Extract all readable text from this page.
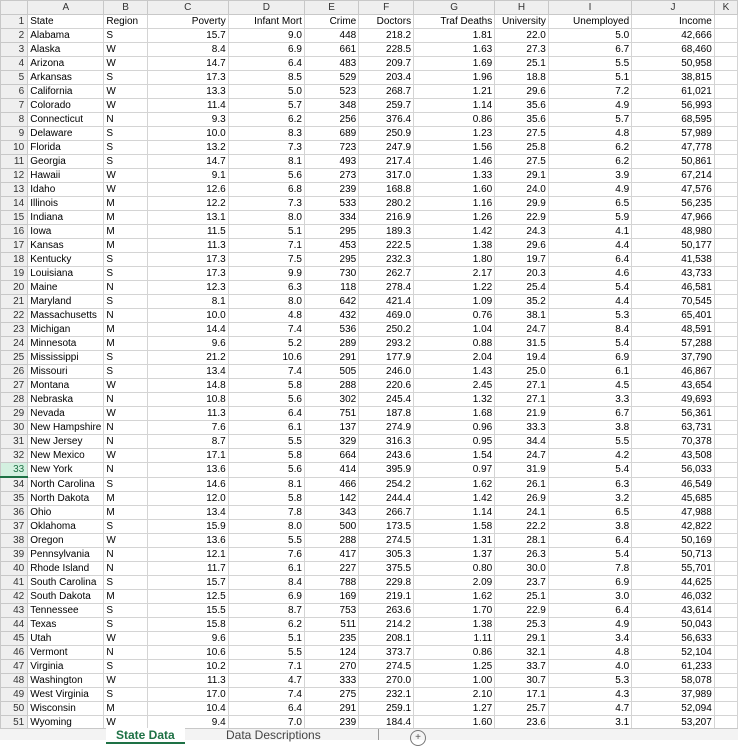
	A	B	C	D	E	F	G	H	I	J	K
1	State	Region	Poverty	Infant Mort	Crime	Doctors	Traf Deaths	University	Unemployed	Income	
2	Alabama	S	15.7	9.0	448	218.2	1.81	22.0	5.0	42,666	
3	Alaska	W	8.4	6.9	661	228.5	1.63	27.3	6.7	68,460	
4	Arizona	W	14.7	6.4	483	209.7	1.69	25.1	5.5	50,958	
5	Arkansas	S	17.3	8.5	529	203.4	1.96	18.8	5.1	38,815	
6	California	W	13.3	5.0	523	268.7	1.21	29.6	7.2	61,021	
7	Colorado	W	11.4	5.7	348	259.7	1.14	35.6	4.9	56,993	
8	Connecticut	N	9.3	6.2	256	376.4	0.86	35.6	5.7	68,595	
9	Delaware	S	10.0	8.3	689	250.9	1.23	27.5	4.8	57,989	
10	Florida	S	13.2	7.3	723	247.9	1.56	25.8	6.2	47,778	
11	Georgia	S	14.7	8.1	493	217.4	1.46	27.5	6.2	50,861	
12	Hawaii	W	9.1	5.6	273	317.0	1.33	29.1	3.9	67,214	
13	Idaho	W	12.6	6.8	239	168.8	1.60	24.0	4.9	47,576	
14	Illinois	M	12.2	7.3	533	280.2	1.16	29.9	6.5	56,235	
15	Indiana	M	13.1	8.0	334	216.9	1.26	22.9	5.9	47,966	
16	Iowa	M	11.5	5.1	295	189.3	1.42	24.3	4.1	48,980	
17	Kansas	M	11.3	7.1	453	222.5	1.38	29.6	4.4	50,177	
18	Kentucky	S	17.3	7.5	295	232.3	1.80	19.7	6.4	41,538	
19	Louisiana	S	17.3	9.9	730	262.7	2.17	20.3	4.6	43,733	
20	Maine	N	12.3	6.3	118	278.4	1.22	25.4	5.4	46,581	
21	Maryland	S	8.1	8.0	642	421.4	1.09	35.2	4.4	70,545	
22	Massachusetts	N	10.0	4.8	432	469.0	0.76	38.1	5.3	65,401	
23	Michigan	M	14.4	7.4	536	250.2	1.04	24.7	8.4	48,591	
24	Minnesota	M	9.6	5.2	289	293.2	0.88	31.5	5.4	57,288	
25	Mississippi	S	21.2	10.6	291	177.9	2.04	19.4	6.9	37,790	
26	Missouri	S	13.4	7.4	505	246.0	1.43	25.0	6.1	46,867	
27	Montana	W	14.8	5.8	288	220.6	2.45	27.1	4.5	43,654	
28	Nebraska	N	10.8	5.6	302	245.4	1.32	27.1	3.3	49,693	
29	Nevada	W	11.3	6.4	751	187.8	1.68	21.9	6.7	56,361	
30	New Hampshire	N	7.6	6.1	137	274.9	0.96	33.3	3.8	63,731	
31	New Jersey	N	8.7	5.5	329	316.3	0.95	34.4	5.5	70,378	
32	New Mexico	W	17.1	5.8	664	243.6	1.54	24.7	4.2	43,508	
33	New York	N	13.6	5.6	414	395.9	0.97	31.9	5.4	56,033	
34	North Carolina	S	14.6	8.1	466	254.2	1.62	26.1	6.3	46,549	
35	North Dakota	M	12.0	5.8	142	244.4	1.42	26.9	3.2	45,685	
36	Ohio	M	13.4	7.8	343	266.7	1.14	24.1	6.5	47,988	
37	Oklahoma	S	15.9	8.0	500	173.5	1.58	22.2	3.8	42,822	
38	Oregon	W	13.6	5.5	288	274.5	1.31	28.1	6.4	50,169	
39	Pennsylvania	N	12.1	7.6	417	305.3	1.37	26.3	5.4	50,713	
40	Rhode Island	N	11.7	6.1	227	375.5	0.80	30.0	7.8	55,701	
41	South Carolina	S	15.7	8.4	788	229.8	2.09	23.7	6.9	44,625	
42	South Dakota	M	12.5	6.9	169	219.1	1.62	25.1	3.0	46,032	
43	Tennessee	S	15.5	8.7	753	263.6	1.70	22.9	6.4	43,614	
44	Texas	S	15.8	6.2	511	214.2	1.38	25.3	4.9	50,043	
45	Utah	W	9.6	5.1	235	208.1	1.11	29.1	3.4	56,633	
46	Vermont	N	10.6	5.5	124	373.7	0.86	32.1	4.8	52,104	
47	Virginia	S	10.2	7.1	270	274.5	1.25	33.7	4.0	61,233	
48	Washington	W	11.3	4.7	333	270.0	1.00	30.7	5.3	58,078	
49	West Virginia	S	17.0	7.4	275	232.1	2.10	17.1	4.3	37,989	
50	Wisconsin	M	10.4	6.4	291	259.1	1.27	25.7	4.7	52,094	
51	Wyoming	W	9.4	7.0	239	184.4	1.60	23.6	3.1	53,207	
State Data	Data Descriptions	+
